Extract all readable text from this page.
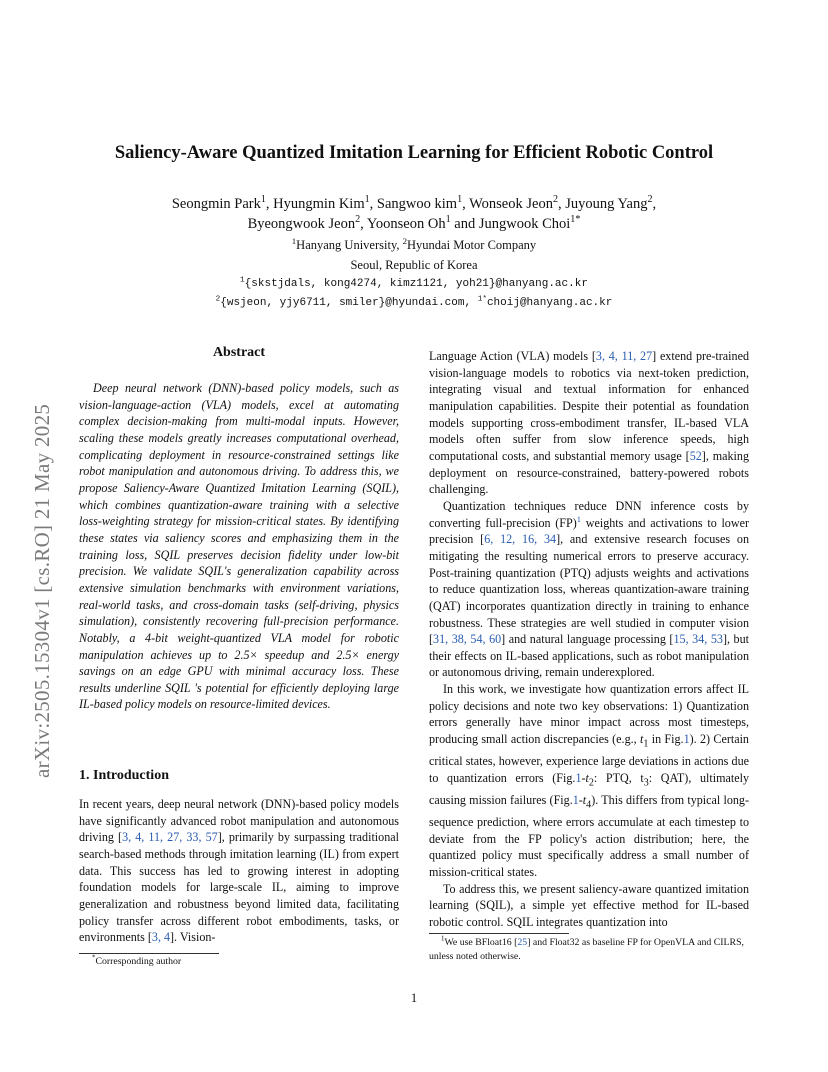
arXiv:2505.15304v1 [cs.RO] 21 May 2025
Saliency-Aware Quantized Imitation Learning for Efficient Robotic Control
Seongmin Park$^1$, Hyungmin Kim$^1$, Sangwoo kim$^1$, Wonseok Jeon$^2$, Juyoung Yang$^2$,
Byeongwook Jeon$^2$, Yoonseon Oh$^1$ and Jungwook Choi$^{1*}$
$^1$Hanyang University, $^2$Hyundai Motor Company
Seoul, Republic of Korea
$^1${skstjdals, kong4274, kimz1121, yoh21}@hanyang.ac.kr
$^2${wsjeon, yjy6711, smiler}@hyundai.com, $^{1*}$choij@hanyang.ac.kr
Abstract
Deep neural network (DNN)-based policy models, such as vision-language-action (VLA) models, excel at automating complex decision-making from multi-modal inputs. However, scaling these models greatly increases computational overhead, complicating deployment in resource-constrained settings like robot manipulation and autonomous driving. To address this, we propose Saliency-Aware Quantized Imitation Learning (SQIL), which combines quantization-aware training with a selective loss-weighting strategy for mission-critical states. By identifying these states via saliency scores and emphasizing them in the training loss, SQIL preserves decision fidelity under low-bit precision. We validate SQIL's generalization capability across extensive simulation benchmarks with environment variations, real-world tasks, and cross-domain tasks (self-driving, physics simulation), consistently recovering full-precision performance. Notably, a 4-bit weight-quantized VLA model for robotic manipulation achieves up to 2.5× speedup and 2.5× energy savings on an edge GPU with minimal accuracy loss. These results underline SQIL 's potential for efficiently deploying large IL-based policy models on resource-limited devices.
1. Introduction
In recent years, deep neural network (DNN)-based policy models have significantly advanced robot manipulation and autonomous driving [3, 4, 11, 27, 33, 57], primarily by surpassing traditional search-based methods through imitation learning (IL) from expert data. This success has led to growing interest in adopting foundation models for large-scale IL, aiming to improve generalization and robustness beyond limited data, facilitating policy transfer across different robot embodiments, tasks, or environments [3, 4]. Vision-
*Corresponding author

Language Action (VLA) models [3, 4, 11, 27] extend pre-trained vision-language models to robotics via next-token prediction, integrating visual and textual information for enhanced manipulation capabilities. Despite their potential as foundation models supporting cross-embodiment transfer, IL-based VLA models often suffer from slow inference speeds, high computational costs, and substantial memory usage [52], making deployment on resource-constrained, battery-powered robots challenging.

Quantization techniques reduce DNN inference costs by converting full-precision (FP)$^1$ weights and activations to lower precision [6, 12, 16, 34], and extensive research focuses on mitigating the resulting numerical errors to preserve accuracy. Post-training quantization (PTQ) adjusts weights and activations to reduce quantization loss, whereas quantization-aware training (QAT) incorporates quantization directly in training to enhance robustness. These strategies are well studied in computer vision [31, 38, 54, 60] and natural language processing [15, 34, 53], but their effects on IL-based applications, such as robot manipulation or autonomous driving, remain underexplored.

In this work, we investigate how quantization errors affect IL policy decisions and note two key observations: 1) Quantization errors generally have minor impact across most timesteps, producing small action discrepancies (e.g., $t_1$ in Fig.1). 2) Certain critical states, however, experience large deviations in actions due to quantization errors ($Fig.1-t_2$: PTQ, $t_3$: QAT), ultimately causing mission failures $(Fig.1-t_4)$. This differs from typical long-sequence prediction, where errors accumulate at each timestep to deviate from the FP policy's action distribution; here, the quantized policy must specifically address a small number of mission-critical states.

To address this, we present saliency-aware quantized imitation learning (SQIL), a simple yet effective method for IL-based robotic control. SQIL integrates quantization into

$^1$We use BFloat16 [25] and Float32 as baseline FP for OpenVLA and CILRS, unless noted otherwise.
1
